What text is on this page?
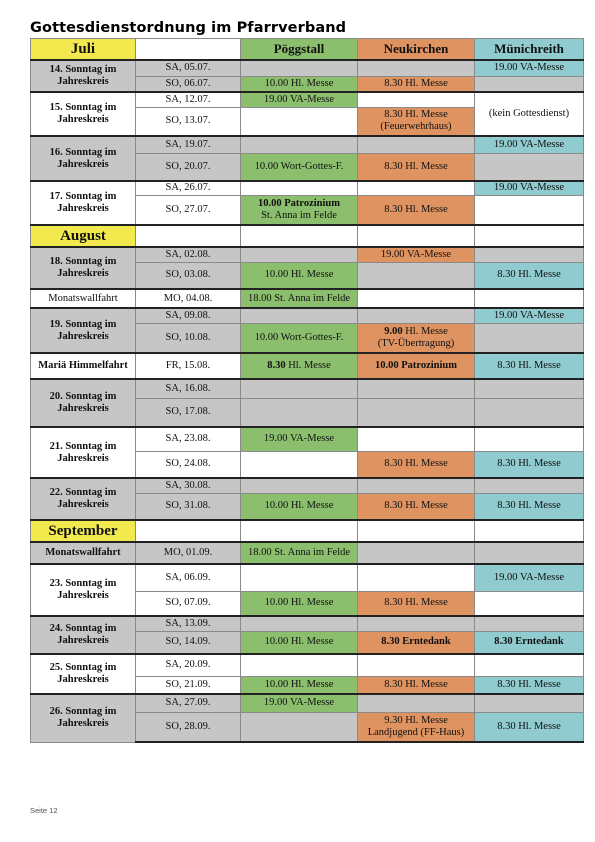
Gottesdienstordnung im Pfarrverband
Juli		Pöggstall	Neukirchen	Münichreith
14. Sonntag im Jahreskreis	SA, 05.07.			19.00 VA-Messe
	SO, 06.07.	10.00 Hl. Messe	8.30 Hl. Messe	
15. Sonntag im Jahreskreis	SA, 12.07.	19.00 VA-Messe		(kein Gottesdienst)
	SO, 13.07.		8.30 Hl. Messe (Feuerwehrhaus)	
16. Sonntag im Jahreskreis	SA, 19.07.			19.00 VA-Messe
	SO, 20.07.	10.00 Wort-Gottes-F.	8.30 Hl. Messe	
17. Sonntag im Jahreskreis	SA, 26.07.			19.00 VA-Messe
	SO, 27.07.	10.00 Patrozinium
St. Anna im Felde	8.30 Hl. Messe	
August				
18. Sonntag im Jahreskreis	SA, 02.08.		19.00 VA-Messe	
	SO, 03.08.	10.00 Hl. Messe		8.30 Hl. Messe
Monatswallfahrt	MO, 04.08.	18.00 St. Anna im Felde		
19. Sonntag im Jahreskreis	SA, 09.08.			19.00 VA-Messe
	SO, 10.08.	10.00 Wort-Gottes-F.	9.00 Hl. Messe
(TV-Übertragung)	

Mariä Himmelfahrt	FR, 15.08.	8.30 Hl. Messe	10.00 Patrozinium	8.30 Hl. Messe
20. Sonntag im Jahreskreis	SA, 16.08.			
	SO, 17.08.			
21. Sonntag im Jahreskreis	SA, 23.08.	19.00 VA-Messe		
	SO, 24.08.		8.30 Hl. Messe	8.30 Hl. Messe
22. Sonntag im Jahreskreis	SA, 30.08.			
	SO, 31.08.	10.00 Hl. Messe	8.30 Hl. Messe	8.30 Hl. Messe
September				
Monatswallfahrt	MO, 01.09.	18.00 St. Anna im Felde		
23. Sonntag im Jahreskreis	SA, 06.09.			19.00 VA-Messe
	SO, 07.09.	10.00 Hl. Messe	8.30 Hl. Messe	
24. Sonntag im Jahreskreis	SA, 13.09.			
	SO, 14.09.	10.00 Hl. Messe	8.30 Erntedank	8.30 Erntedank
25. Sonntag im Jahreskreis	SA, 20.09.			
	SO, 21.09.	10.00 Hl. Messe	8.30 Hl. Messe	8.30 Hl. Messe
26. Sonntag im Jahreskreis	SA, 27.09.	19.00 VA-Messe		
	SO, 28.09.		9.30 Hl. Messe
Landjugend (FF-Haus)	8.30 Hl. Messe
Seite 12
